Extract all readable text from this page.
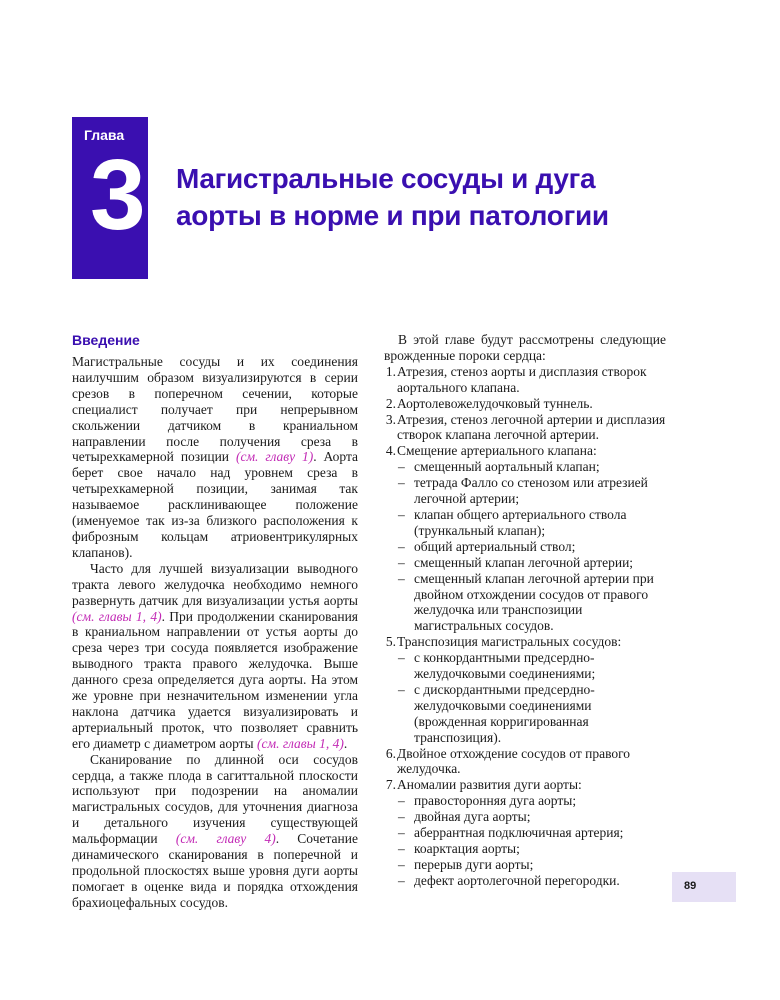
Глава
3 Магистральные сосуды и дуга
аорты в норме и при патологии
Введение

Магистральные сосуды и их соединения наилучшим образом визуализируются в серии срезов в поперечном сечении, которые специалист получает при непрерывном скольжении датчиком в краниальном направлении после получения среза в четырехкамерной позиции (см. главу 1). Аорта берет свое начало над уровнем среза в четырехкамерной позиции, занимая так называемое расклинивающее положение (именуемое так из-за близкого расположения к фиброзным кольцам атриовентрикулярных клапанов).

Часто для лучшей визуализации выводного тракта левого желудочка необходимо немного развернуть датчик для визуализации устья аорты (см. главы 1, 4). При продолжении сканирования в краниальном направлении от устья аорты до среза через три сосуда появляется изображение выводного тракта правого желудочка. Выше данного среза определяется дуга аорты. На этом же уровне при незначительном изменении угла наклона датчика удается визуализировать и артериальный проток, что позволяет сравнить его диаметр с диаметром аорты (см. главы 1, 4).

Сканирование по длинной оси сосудов сердца, а также плода в сагиттальной плоскости используют при подозрении на аномалии магистральных сосудов, для уточнения диагноза и детального изучения существующей мальформации (см. главу 4). Сочетание динамического сканирования в поперечной и продольной плоскостях выше уровня дуги аорты помогает в оценке вида и порядка отхождения брахиоцефальных сосудов.

В этой главе будут рассмотрены следующие врожденные пороки сердца:

1. Атрезия, стеноз аорты и дисплазия створок аортального клапана.
2. Аортолевожелудочковый туннель.
3. Атрезия, стеноз легочной артерии и дисплазия створок клапана легочной артерии.
4. Смещение артериального клапана:
– смещенный аортальный клапан;
– тетрада Фалло со стенозом или атрезией легочной артерии;
– клапан общего артериального ствола (трункальный клапан);
– общий артериальный ствол;
– смещенный клапан легочной артерии;
– смещенный клапан легочной артерии при двойном отхождении сосудов от правого желудочка или транспозиции магистральных сосудов.
5. Транспозиция магистральных сосудов:
– с конкордантными предсердно-желудочковыми соединениями;
– с дискордантными предсердно-желудочковыми соединениями (врожденная корригированная транспозиция).
6. Двойное отхождение сосудов от правого желудочка.
7. Аномалии развития дуги аорты:
– правосторонняя дуга аорты;
– двойная дуга аорты;
– аберрантная подключичная артерия;
– коарктация аорты;
– перерыв дуги аорты;
– дефект аортолегочной перегородки.	89
